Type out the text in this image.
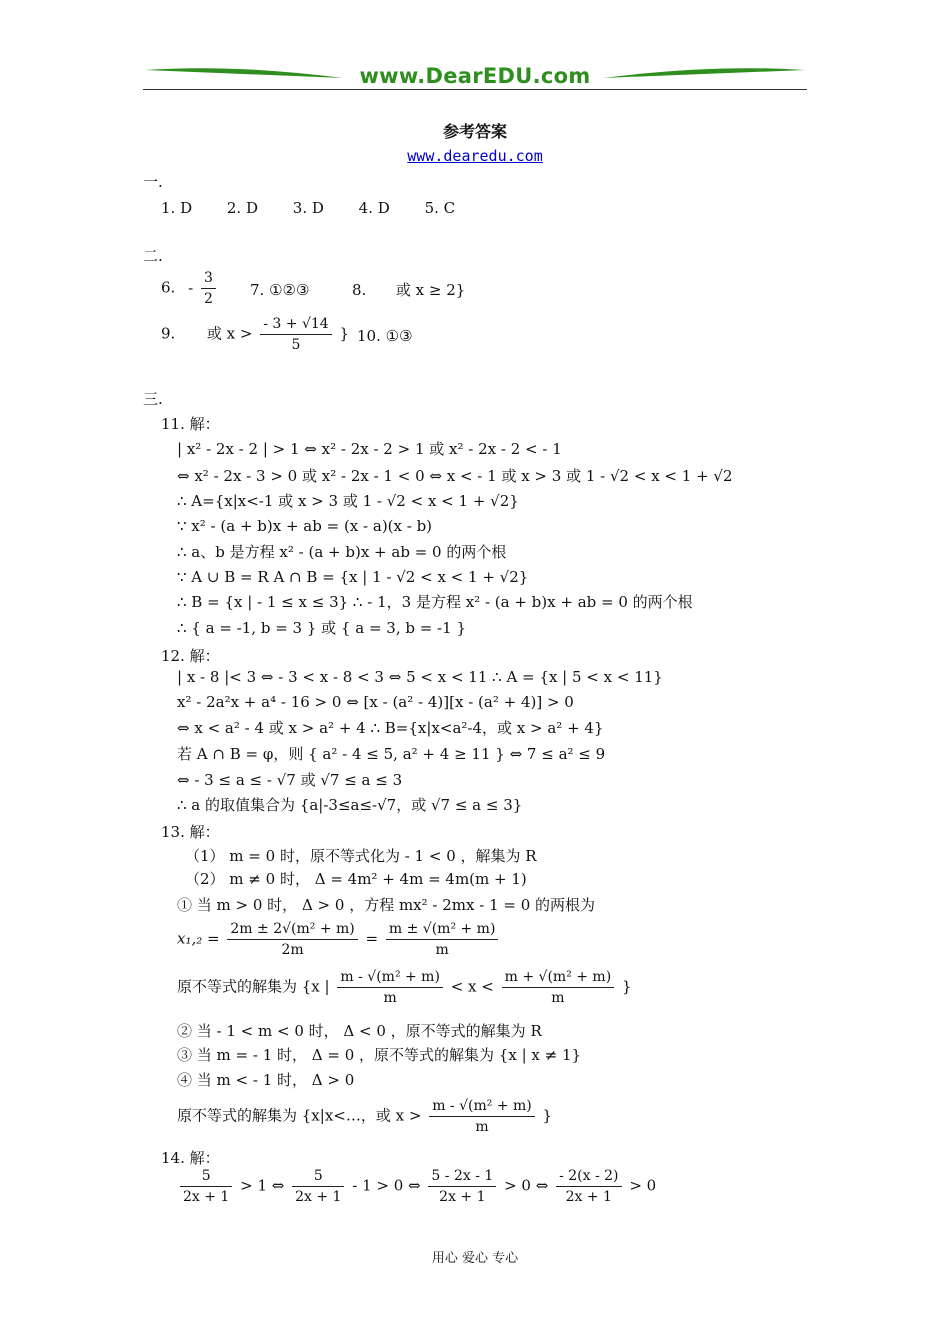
www.DearEDU.com
参考答案
www.dearedu.com
一.
1. D 2. D 3. D 4. D 5. C
二.
6. - $\frac{3}{2} 7$. ①②③	8. 或 x ≥ 2}
9. 或 $x > \frac{- 3 + √14}{5}$ } 10. ①③
三.
11. 解：
| x² - 2x - 2 | > 1 ⇔ x² - 2x - 2 > 1 或 x² - 2x - 2 < - 1
⇔ x² - 2x - 3 > 0 或 x² - 2x - 1 < 0 ⇔ x < - 1 或 x > 3 或 1 - √2 < x < 1 + √2
∴ A={x|x<-1 或 x > 3 或 1 - √2 < x < 1 + √2}
∵ x² - (a + b)x + ab = (x - a)(x - b)
∴ a、b 是方程 x² - (a + b)x + ab = 0 的两个根
∵ A ∪ B = R A ∩ B = {x | 1 - √2 < x < 1 + √2}
∴ B = {x | - 1 ≤ x ≤ 3} ∴ - 1，3 是方程 x² - (a + b)x + ab = 0 的两个根
∴ { a = -1, b = 3 } 或 { a = 3, b = -1 }
12. 解：
| x - 8 |< 3 ⇔ - 3 < x - 8 < 3 ⇔ 5 < x < 11 ∴ A = {x | 5 < x < 11}
x² - 2a²x + a⁴ - 16 > 0 ⇔ [x - (a² - 4)][x - (a² + 4)] > 0
⇔ x < a² - 4 或 x > a² + 4 ∴ B={x|x<a²-4，或 x > a² + 4}
若 A ∩ B = φ，则 { a² - 4 ≤ 5, a² + 4 ≥ 11 } ⇔ 7 ≤ a² ≤ 9
⇔ - 3 ≤ a ≤ - √7 或 √7 ≤ a ≤ 3
∴ a 的取值集合为 {a|-3≤a≤-√7，或 √7 ≤ a ≤ 3}
13. 解：
（1） m = 0 时，原不等式化为 - 1 < 0 ，解集为 R
（2） m ≠ 0 时， Δ = 4m² + 4m = 4m(m + 1)
① 当 m > 0 时， Δ > 0 ，方程 mx² - 2mx - 1 = 0 的两根为
$x_1,_2 = \frac{\text{2m ± 2√(m² + m)}}{2m} = \frac{\text{m ± √(m² + m)}}{m}$
原不等式的解集为 {x | $\frac{\text{m - √(m² + m)}}{m} < x < \frac{\text{m + √(m² + m)}}{m}$ }
② 当 - 1 < m < 0 时， Δ < 0 ，原不等式的解集为 R
③ 当 m = - 1 时， Δ = 0 ，原不等式的解集为 {x | x ≠ 1}
④ 当 m < - 1 时， Δ > 0
原不等式的解集为 {x|x<…，或 $x > \frac{\text{m - √(m² + m)}}{m}$ }
14. 解：
$\frac{5}{2x + 1} > 1$ ⇔ $\frac{5}{2x + 1} - 1 > 0$ ⇔ $\frac{5 - 2x - 1}{2x + 1} > 0$ ⇔ $\frac{- 2(x - 2)}{2x + 1} > 0$
用心 爱心 专心
